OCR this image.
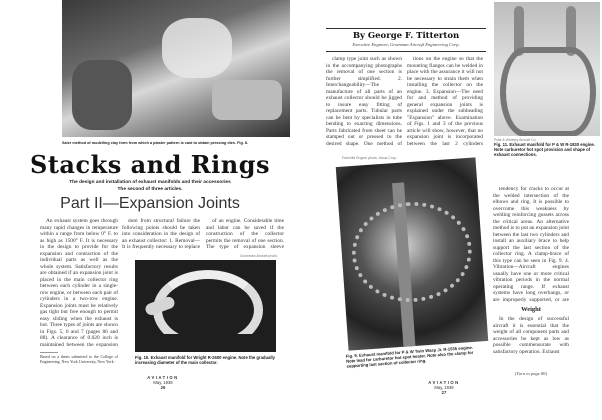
Saler method of modelling clay form from which a plaster pattern is cast to obtain pressing dies. Fig. 8.
Stacks and Rings
The design and installation of exhaust manifolds and their accessories
The second of three articles.
Part II—Expansion Joints

An exhaust system goes through many rapid changes in temperature within a range from below 0° F. to as high as 1500° F. It is necessary in the design to provide for the expansion and contraction of the individual parts as well as the whole system. Satisfactory results are obtained if an expansion joint is placed in the main collector ring between each cylinder in a single-row engine, or between each pair of cylinders in a two-row engine. Expansion joints must be relatively gas tight but free enough to permit easy sliding when the exhaust is hot. Three types of joints are shown in Figs. 5, 6 and 7 (pages 86 and 88). A clearance of 0.020 inch is maintained between the expansion

dom from structural failure the following points should be taken into consideration in the design of an exhaust collector: 1. Removal—It is frequently necessary to replace

of an engine. Considerable time and labor can be saved if the construction of the collector permits the removal of one section. The type of expansion sleeve

Based on a thesis submitted to the College of Engineering, New York University, New York.
Grumman Aircraft photo
Fig. 10. Exhaust manifold for Wright R-2600 engine. Note the gradually increasing diameter of the main collector.
AVIATION
May, 1939
26
By George F. Titterton
Executive Engineer, Grumman Aircraft Engineering Corp.

clamp type joint such as shown in the accompanying photographs the removal of one section is further simplified. 2. Interchangeability—The manufacture of all parts of an exhaust collector should be jigged to insure easy fitting of replacement parts. Tubular parts can be bent by specialists in tube bending to exacting dimensions. Parts fabricated from sheet can be stamped out or pressed to the desired shape. One method of

tions on the engine so that the mounting flanges can be welded in place with the assurance it will not be necessary to strain them when installing the collector on the engine. 3. Expansion—The need for and method of providing general expansion joints is explained under the subheading "Expansion" above. Examination of Figs. 1 and 3 of the previous article will show, however, that no expansion joint is incorporated between the last 2 cylinders

Pratt & Whitney Aircraft Co.
Fig. 11. Exhaust manifold for P & W R-1830 engine. Note carburetor hot spot provision and shape of exhaust connections.
Fairchild Engine photo, Alcoa Corp.
Fig. 9. Exhaust manifold for P & W Twin Wasp Jr. R-1535 engine. Note lead for carburetor hot spot heater. Note also the clamp for supporting last section of collector ring.

tendency for cracks to occur at the welded intersection of the elbows and ring. It is possible to overcome this weakness by welding reinforcing gussets across the critical areas. An alternative method is to put an expansion joint between the last two cylinders and install an auxiliary brace to help support the last section of the collector ring. A clamp-brace of this type can be seen in Fig. 9. 4. Vibration—Aircraft engines usually have one or more critical vibration periods in the normal operating range. If exhaust systems have long overhangs, or are improperly supported, or are

Weight

In the design of successful aircraft it is essential that the weight of all component parts and accessories be kept as low as possible commensurate with satisfactory operation. Exhaust

(Turn to page 86)
AVIATION
May, 1939
27
